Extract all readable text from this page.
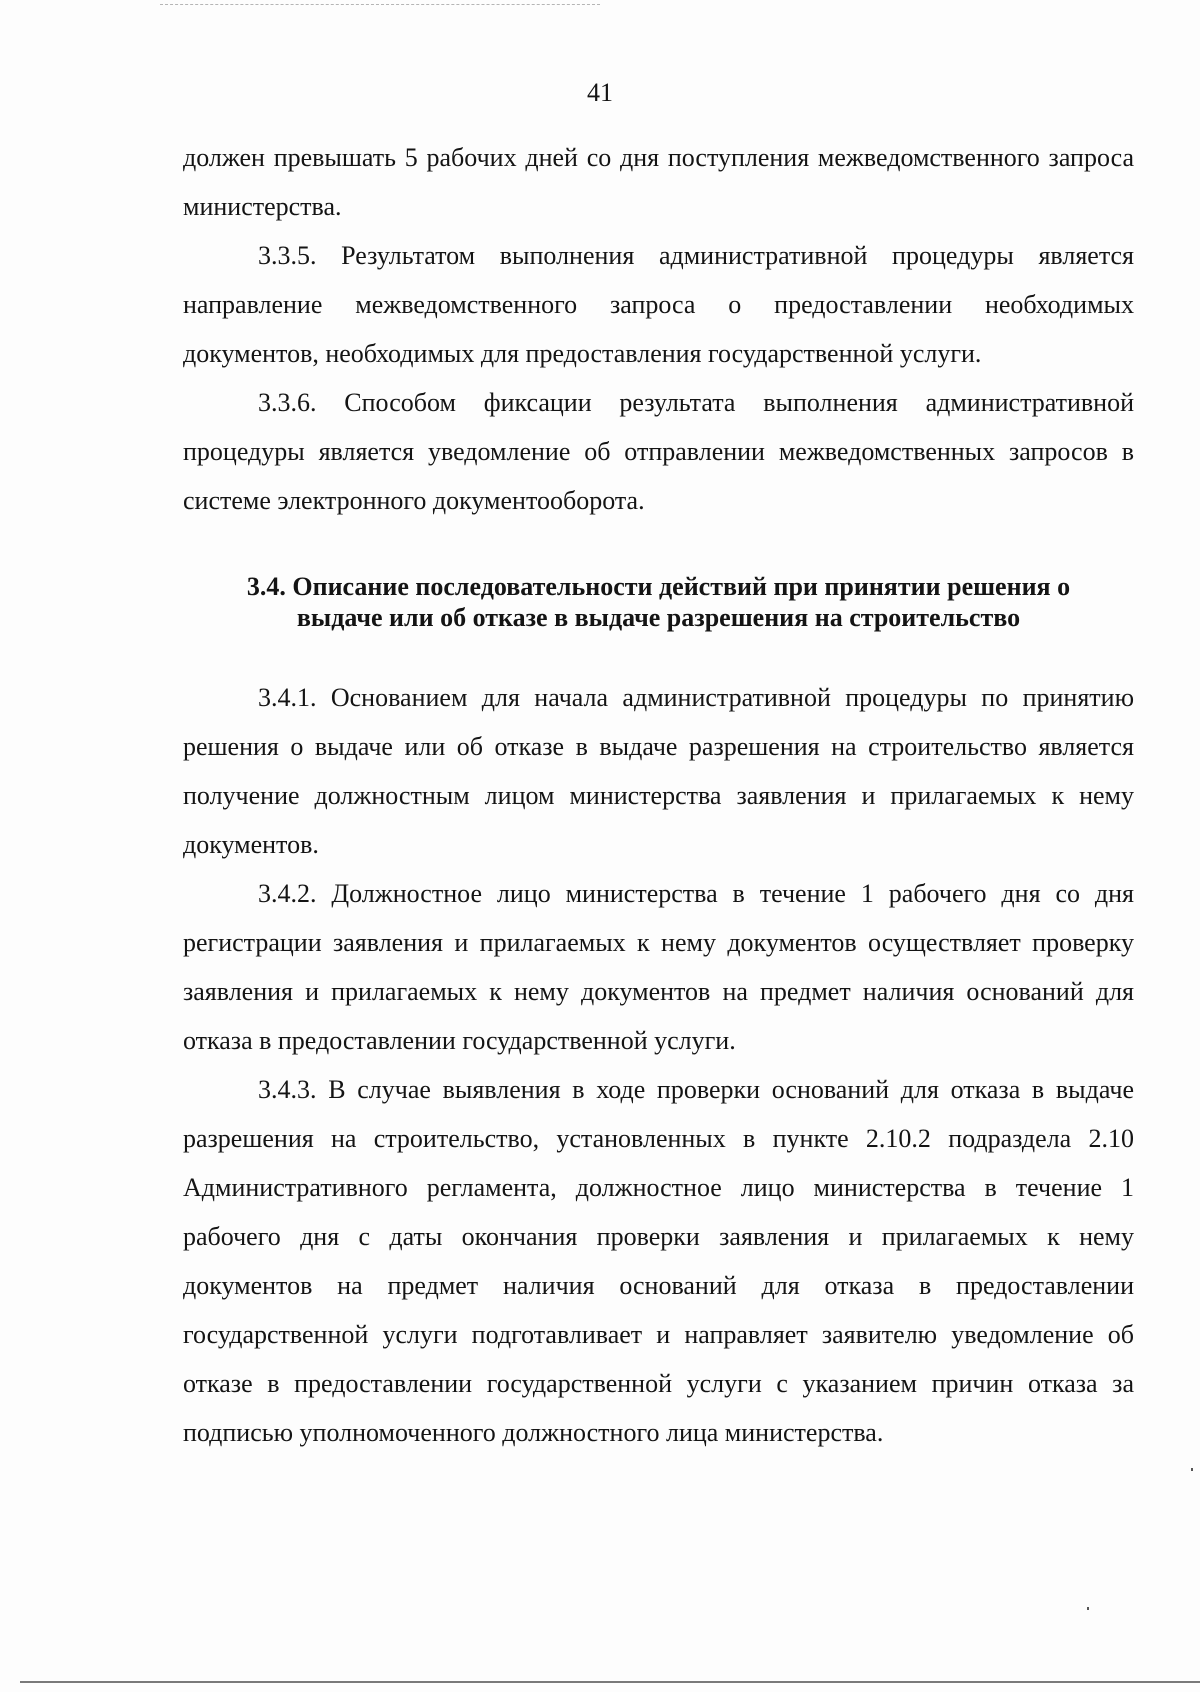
41

должен превышать 5 рабочих дней со дня поступления межведомственного запроса министерства.

3.3.5. Результатом выполнения административной процедуры является направление межведомственного запроса о предоставлении необходимых документов, необходимых для предоставления государственной услуги.

3.3.6. Способом фиксации результата выполнения административной процедуры является уведомление об отправлении межведомственных запросов в системе электронного документооборота.

3.4. Описание последовательности действий при принятии решения о
выдаче или об отказе в выдаче разрешения на строительство

3.4.1. Основанием для начала административной процедуры по принятию решения о выдаче или об отказе в выдаче разрешения на строительство является получение должностным лицом министерства заявления и прилагаемых к нему документов.

3.4.2. Должностное лицо министерства в течение 1 рабочего дня со дня регистрации заявления и прилагаемых к нему документов осуществляет проверку заявления и прилагаемых к нему документов на предмет наличия оснований для отказа в предоставлении государственной услуги.

3.4.3. В случае выявления в ходе проверки оснований для отказа в выдаче разрешения на строительство, установленных в пункте 2.10.2 подраздела 2.10 Административного регламента, должностное лицо министерства в течение 1 рабочего дня с даты окончания проверки заявления и прилагаемых к нему документов на предмет наличия оснований для отказа в предоставлении государственной услуги подготавливает и направляет заявителю уведомление об отказе в предоставлении государственной услуги с указанием причин отказа за подписью уполномоченного должностного лица министерства.
